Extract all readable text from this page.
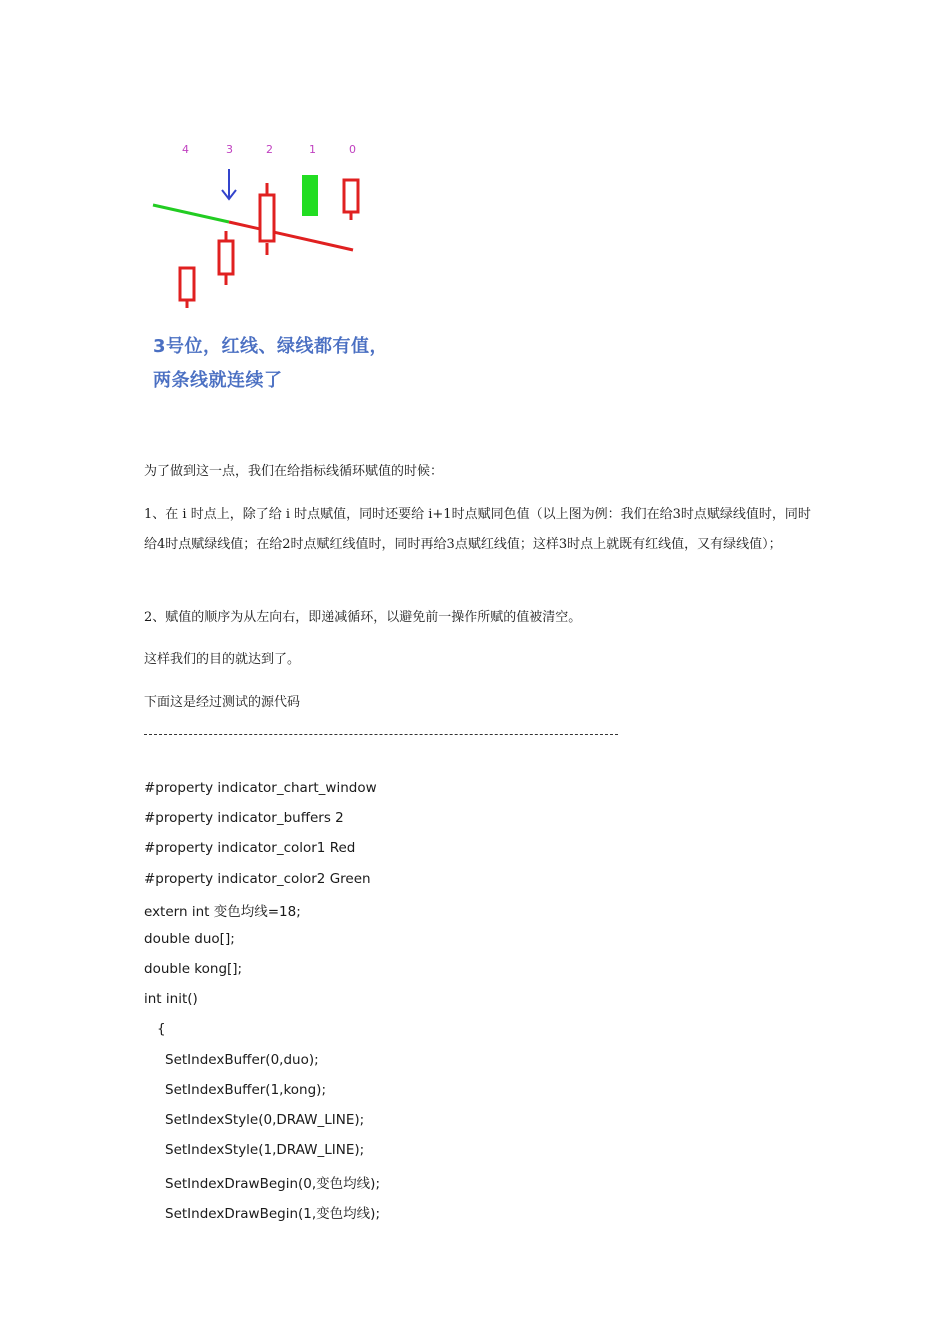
4	3	2	1	0
3号位，红线、绿线都有值，
两条线就连续了

为了做到这一点，我们在给指标线循环赋值的时候：

1、在 i 时点上，除了给 i 时点赋值，同时还要给 i+1时点赋同色值（以上图为例：我们在给3时点赋绿线值时，同时给4时点赋绿线值；在给2时点赋红线值时，同时再给3点赋红线值；这样3时点上就既有红线值，又有绿线值）；

2、赋值的顺序为从左向右，即递减循环，以避免前一操作所赋的值被清空。

这样我们的目的就达到了。

下面这是经过测试的源代码

#property indicator_chart_window
#property indicator_buffers 2
#property indicator_color1 Red
#property indicator_color2 Green
extern int 变色均线=18;
double duo[];
double kong[];
int init()
{
SetIndexBuffer(0,duo);
SetIndexBuffer(1,kong);
SetIndexStyle(0,DRAW_LINE);
SetIndexStyle(1,DRAW_LINE);
SetIndexDrawBegin(0,变色均线);
SetIndexDrawBegin(1,变色均线);
